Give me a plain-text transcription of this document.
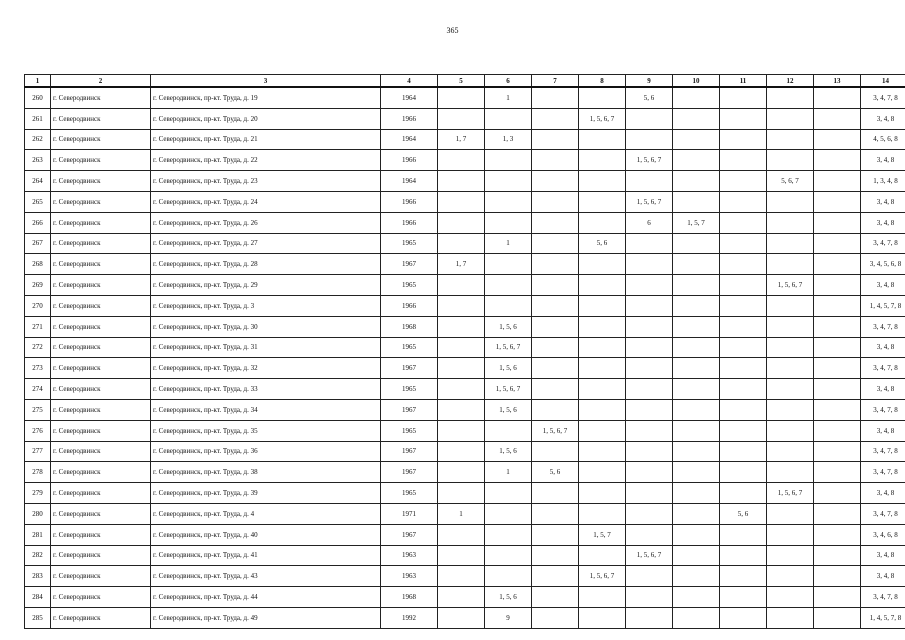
365
1	2	3	4	5	6	7	8	9	10	11	12	13	14
260	г. Северодвинск	г. Северодвинск, пр-кт. Труда, д. 19	1964		1			5, 6					3, 4, 7, 8
261	г. Северодвинск	г. Северодвинск, пр-кт. Труда, д. 20	1966				1, 5, 6, 7						3, 4, 8
262	г. Северодвинск	г. Северодвинск, пр-кт. Труда, д. 21	1964	1, 7	1, 3								4, 5, 6, 8
263	г. Северодвинск	г. Северодвинск, пр-кт. Труда, д. 22	1966					1, 5, 6, 7					3, 4, 8
264	г. Северодвинск	г. Северодвинск, пр-кт. Труда, д. 23	1964								5, 6, 7		1, 3, 4, 8
265	г. Северодвинск	г. Северодвинск, пр-кт. Труда, д. 24	1966					1, 5, 6, 7					3, 4, 8
266	г. Северодвинск	г. Северодвинск, пр-кт. Труда, д. 26	1966					6	1, 5, 7				3, 4, 8
267	г. Северодвинск	г. Северодвинск, пр-кт. Труда, д. 27	1965		1		5, 6						3, 4, 7, 8
268	г. Северодвинск	г. Северодвинск, пр-кт. Труда, д. 28	1967	1, 7									3, 4, 5, 6, 8
269	г. Северодвинск	г. Северодвинск, пр-кт. Труда, д. 29	1965								1, 5, 6, 7		3, 4, 8
270	г. Северодвинск	г. Северодвинск, пр-кт. Труда, д. 3	1966										1, 4, 5, 7, 8
271	г. Северодвинск	г. Северодвинск, пр-кт. Труда, д. 30	1968		1, 5, 6								3, 4, 7, 8
272	г. Северодвинск	г. Северодвинск, пр-кт. Труда, д. 31	1965		1, 5, 6, 7								3, 4, 8
273	г. Северодвинск	г. Северодвинск, пр-кт. Труда, д. 32	1967		1, 5, 6								3, 4, 7, 8
274	г. Северодвинск	г. Северодвинск, пр-кт. Труда, д. 33	1965		1, 5, 6, 7								3, 4, 8
275	г. Северодвинск	г. Северодвинск, пр-кт. Труда, д. 34	1967		1, 5, 6								3, 4, 7, 8
276	г. Северодвинск	г. Северодвинск, пр-кт. Труда, д. 35	1965			1, 5, 6, 7							3, 4, 8
277	г. Северодвинск	г. Северодвинск, пр-кт. Труда, д. 36	1967		1, 5, 6								3, 4, 7, 8
278	г. Северодвинск	г. Северодвинск, пр-кт. Труда, д. 38	1967		1	5, 6							3, 4, 7, 8
279	г. Северодвинск	г. Северодвинск, пр-кт. Труда, д. 39	1965								1, 5, 6, 7		3, 4, 8
280	г. Северодвинск	г. Северодвинск, пр-кт. Труда, д. 4	1971	1						5, 6			3, 4, 7, 8
281	г. Северодвинск	г. Северодвинск, пр-кт. Труда, д. 40	1967				1, 5, 7						3, 4, 6, 8
282	г. Северодвинск	г. Северодвинск, пр-кт. Труда, д. 41	1963					1, 5, 6, 7					3, 4, 8
283	г. Северодвинск	г. Северодвинск, пр-кт. Труда, д. 43	1963				1, 5, 6, 7						3, 4, 8
284	г. Северодвинск	г. Северодвинск, пр-кт. Труда, д. 44	1968		1, 5, 6								3, 4, 7, 8
285	г. Северодвинск	г. Северодвинск, пр-кт. Труда, д. 49	1992		9								1, 4, 5, 7, 8
